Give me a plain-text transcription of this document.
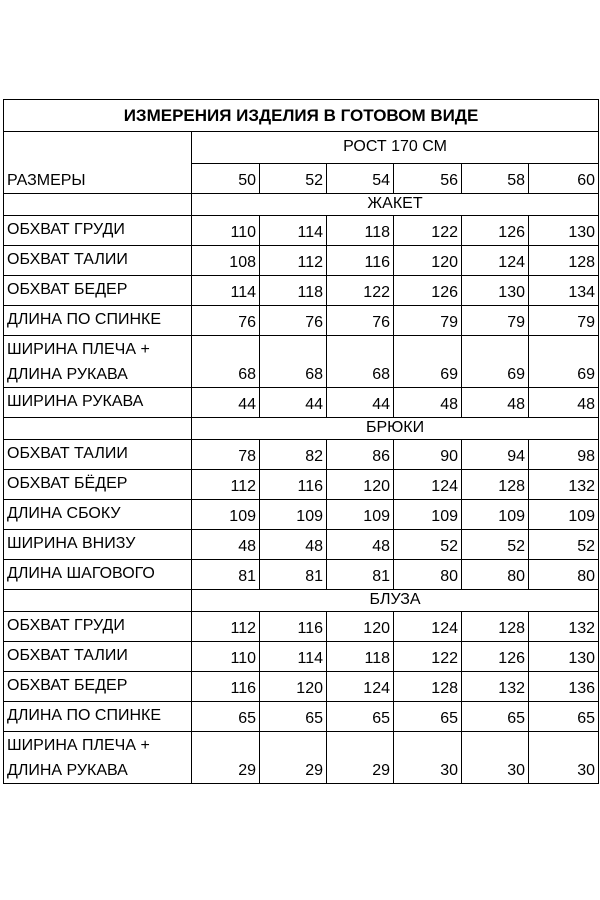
ИЗМЕРЕНИЯ ИЗДЕЛИЯ В ГОТОВОМ ВИДЕ						
РАЗМЕРЫ	РОСТ 170 СМ					
	50	52	54	56	58	60
	ЖАКЕТ					
ОБХВАТ ГРУДИ	110	114	118	122	126	130
ОБХВАТ ТАЛИИ	108	112	116	120	124	128
ОБХВАТ БЕДЕР	114	118	122	126	130	134
ДЛИНА ПО СПИНКЕ	76	76	76	79	79	79

ШИРИНА ПЛЕЧА +
ДЛИНА РУКАВА	68	68	68	69	69	69
ШИРИНА РУКАВА	44	44	44	48	48	48
	БРЮКИ					
ОБХВАТ ТАЛИИ	78	82	86	90	94	98
ОБХВАТ БЁДЕР	112	116	120	124	128	132
ДЛИНА СБОКУ	109	109	109	109	109	109
ШИРИНА ВНИЗУ	48	48	48	52	52	52
ДЛИНА ШАГОВОГО	81	81	81	80	80	80
	БЛУЗА					
ОБХВАТ ГРУДИ	112	116	120	124	128	132
ОБХВАТ ТАЛИИ	110	114	118	122	126	130
ОБХВАТ БЕДЕР	116	120	124	128	132	136
ДЛИНА ПО СПИНКЕ	65	65	65	65	65	65

ШИРИНА ПЛЕЧА +
ДЛИНА РУКАВА	29	29	29	30	30	30
